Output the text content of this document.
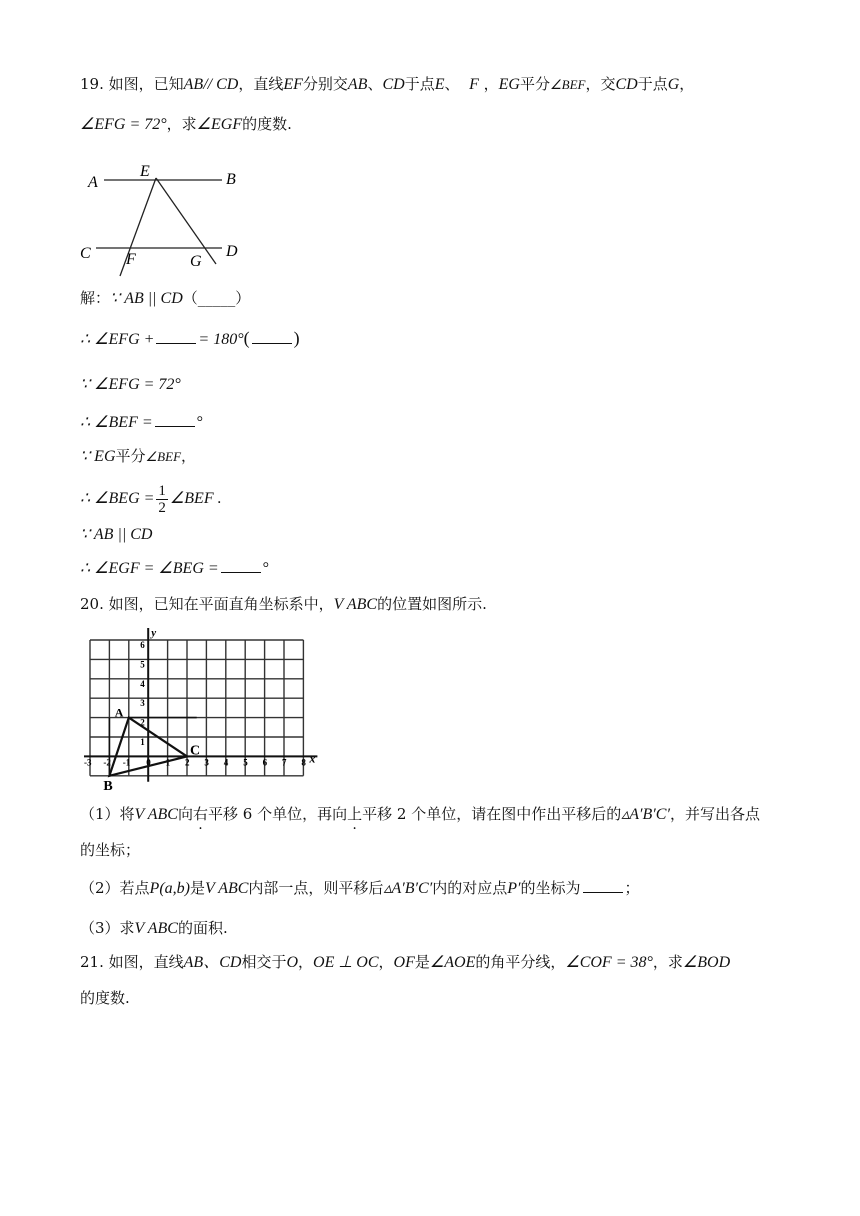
19. 如图，已知AB// CD，直线EF分别交AB、CD于点E、 F ，EG平分∠BEF，交CD于点G，
∠EFG = 72°，求∠EGF的度数.
A	B
E
C	D
F	G
解：∵ AB || CD（_____）
∴ ∠EFG +	= 180°( )
∵ ∠EFG = 72°
∴ ∠BEF =	°
∵ EG平分∠BEF，
∴ ∠BEG = $\frac{1}{2}$ ∠BEF .
∵ AB || CD
∴ ∠EGF = ∠BEG =	°
20. 如图，已知在平面直角坐标系中，V ABC的位置如图所示.
x
y
-3 -2 -1 0 1 2 3 4 5 6 7 8
1
2
3
4
5
6
A
B
C
（1）将V ABC向右平移 6 个单位，再向上平移 2 个单位，请在图中作出平移后的▵A′B′C′，并写出各点
的坐标；
（2）若点P(a,b)是V ABC内部一点，则平移后▵A′B′C′内的对应点P′的坐标为	；
（3）求V ABC的面积.
21. 如图，直线AB、CD相交于O，OE ⊥ OC，OF是∠AOE的角平分线，∠COF = 38°，求∠BOD
的度数.
